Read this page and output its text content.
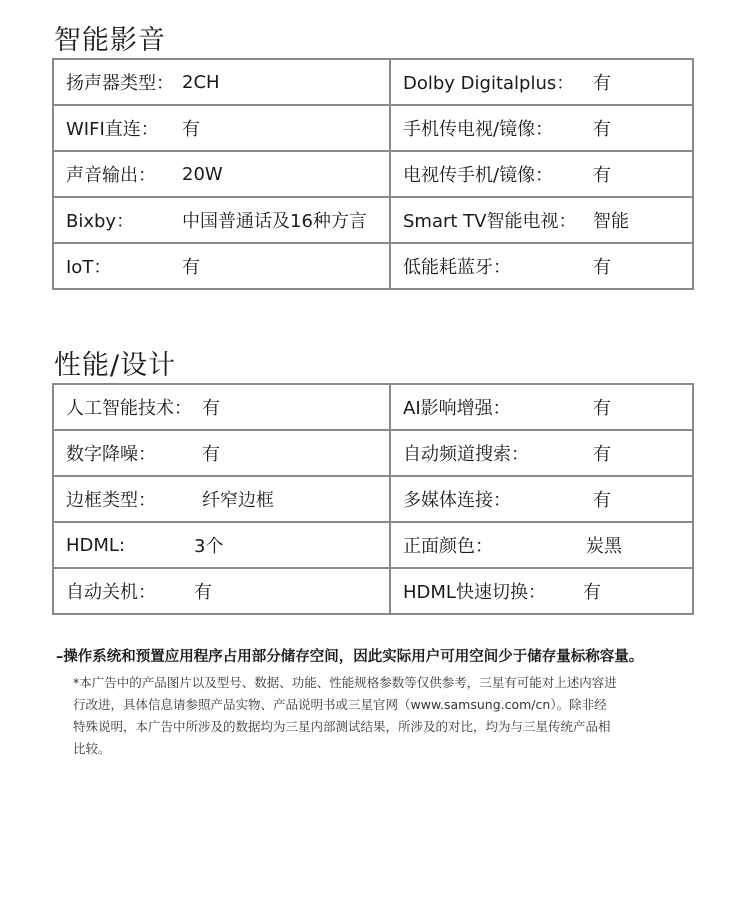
智能影音
扬声器类型： 2CH	Dolby Digitalplus： 有

WIFI直连： 有	手机传电视/镜像： 有

声音输出： 20W	电视传手机/镜像： 有

Bixby： 中国普通话及16种方言	Smart TV智能电视： 智能

IoT： 有	低能耗蓝牙： 有
性能/设计
人工智能技术： 有	AI影响增强： 有

数字降噪： 有	自动频道搜索： 有

边框类型： 纤窄边框	多媒体连接： 有

HDML: 3个	正面颜色： 炭黑

自动关机： 有	HDML快速切换： 有
–操作系统和预置应用程序占用部分储存空间，因此实际用户可用空间少于储存量标称容量。
*本广告中的产品图片以及型号、数据、功能、性能规格参数等仅供参考，三星有可能对上述内容进
行改进，具体信息请参照产品实物、产品说明书或三星官网（www.samsung.com/cn）。除非经
特殊说明，本广告中所涉及的数据均为三星内部测试结果，所涉及的对比，均为与三星传统产品相
比较。
